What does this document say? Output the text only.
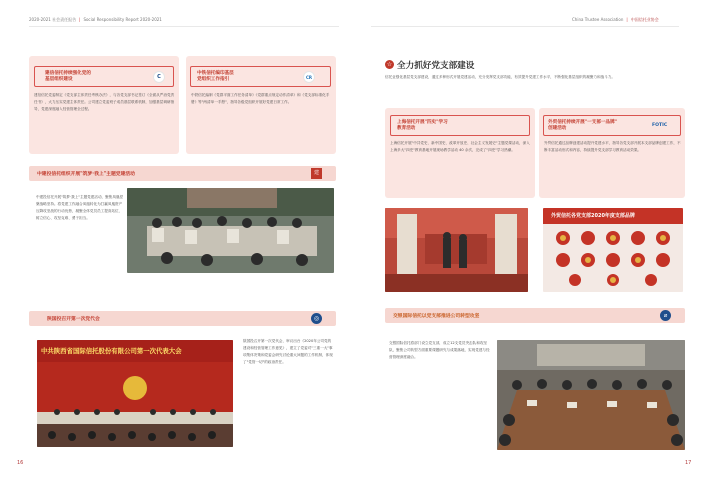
2020-2021 社会责任报告 | Social Responsibility Report 2020-2021
建信信托持续强化党的
基层组织建设	C
建信信托党委制定《党支部主体责任考核办法》，与各党支部书记签订《全面从严治党责任书》，大力压实党建主体责任。公司建立党委班子成员基层联系机制，加强基层调研指导，党建深度融入经营管理全过程。
中铁信托编印基层
党组织工作指引	CR
中铁信托编制《党群平面工作任务清单》《党群重点规定动作清单》和《党支部标准化手册》等"两清单一手册"，指导各级党组织开展好党建日常工作。
中建投信托组织开展"筑梦·我上"主题党建活动	建
中建投信托开展"筑梦·我上"主题党建活动，聚焦凤凰涅槃战略坚持。将党建工作融合凤凰转化为打赢凤凰资产压降攻坚战的行动优势，凝聚全体党员员工提高站位、树立信心、攻坚克难、勇于担当。
陕国投召开第一次党代会	◎
中共陕西省国际信托股份有限公司第一次代表大会
陕国投召开第一次党代会，审议出台《2020年公司党的建设和经营管理工作意见》，建立了党委对"三重一大"事项集体决策和党委会研究讨论重大问题的工作机制，体现了"党管一切"的政治责任。
16
China Trustee Association | 中国信托业协会
☆ 全力抓好党支部建设
信托业强化基层党支部建设，通过多种形式开展党建活动，充分发挥党支部功能，有效提升党建工作水平，不断强化基层组织的凝聚力和战斗力。
上海信托开展"四史"学习
教育活动
上海信托开展"中共党史、新中国史、改革开放史、社会主义发展史"主题党课活动，深入上海多大"四史"教育基地开展现场教学活动 40 余次，完成了"四史"学习热潮。
外贸信托持续开展"一支部一品牌"
创建活动
FOTIC
外贸信托通过品牌创建活动提升党建水平，指导各党支部开展本支部品牌创建工作，不断丰富活动形式和内容，持续提升党支部学习教育活动效果。
外贸信托各党支部2020年度支部品牌
交银国际信托以党支部推进公司转型攻坚	⌀
交银国际信托将部门设立党支部，成立12支党员突击队和攻坚队，聚焦公司转型方面重要课题研究与成果落地，实现党建与经营管理深度融合。
17
